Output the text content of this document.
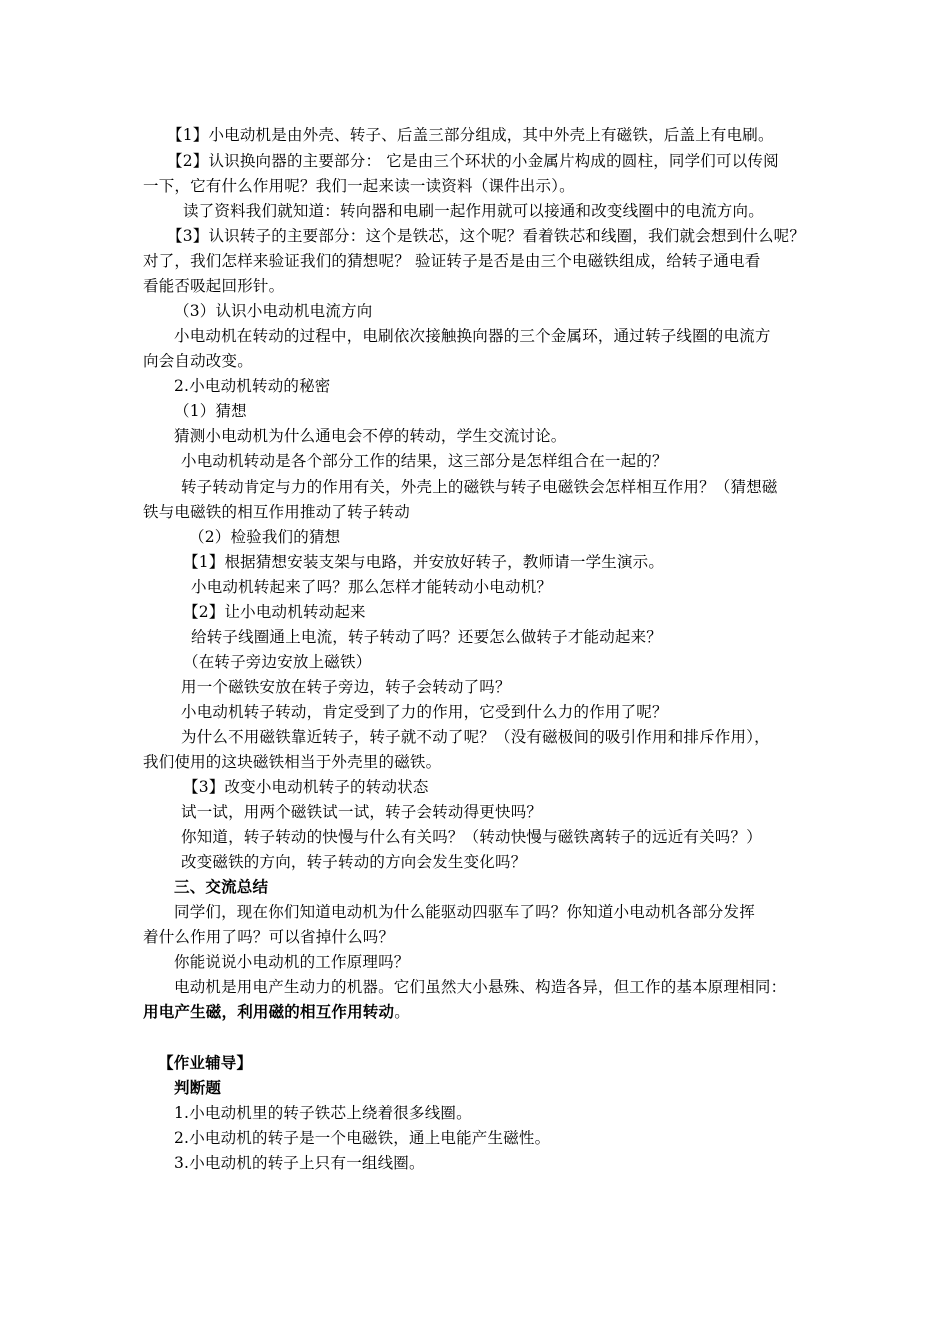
【1】小电动机是由外壳、转子、后盖三部分组成，其中外壳上有磁铁，后盖上有电刷。
【2】认识换向器的主要部分： 它是由三个环状的小金属片构成的圆柱，同学们可以传阅
一下，它有什么作用呢？我们一起来读一读资料（课件出示）。
读了资料我们就知道：转向器和电刷一起作用就可以接通和改变线圈中的电流方向。
【3】认识转子的主要部分：这个是铁芯，这个呢？看着铁芯和线圈，我们就会想到什么呢？
对了，我们怎样来验证我们的猜想呢？ 验证转子是否是由三个电磁铁组成，给转子通电看
看能否吸起回形针。
（3）认识小电动机电流方向
小电动机在转动的过程中，电刷依次接触换向器的三个金属环，通过转子线圈的电流方
向会自动改变。
2.小电动机转动的秘密
（1）猜想
猜测小电动机为什么通电会不停的转动，学生交流讨论。
小电动机转动是各个部分工作的结果，这三部分是怎样组合在一起的？
转子转动肯定与力的作用有关，外壳上的磁铁与转子电磁铁会怎样相互作用？（猜想磁
铁与电磁铁的相互作用推动了转子转动
（2）检验我们的猜想
【1】根据猜想安装支架与电路，并安放好转子，教师请一学生演示。
小电动机转起来了吗？那么怎样才能转动小电动机？
【2】让小电动机转动起来
给转子线圈通上电流，转子转动了吗？还要怎么做转子才能动起来？
（在转子旁边安放上磁铁）
用一个磁铁安放在转子旁边，转子会转动了吗？
小电动机转子转动，肯定受到了力的作用，它受到什么力的作用了呢？
为什么不用磁铁靠近转子，转子就不动了呢？（没有磁极间的吸引作用和排斥作用），
我们使用的这块磁铁相当于外壳里的磁铁。
【3】改变小电动机转子的转动状态
试一试，用两个磁铁试一试，转子会转动得更快吗？
你知道，转子转动的快慢与什么有关吗？（转动快慢与磁铁离转子的远近有关吗？）
改变磁铁的方向，转子转动的方向会发生变化吗？
三、交流总结
同学们，现在你们知道电动机为什么能驱动四驱车了吗？你知道小电动机各部分发挥
着什么作用了吗？可以省掉什么吗？
你能说说小电动机的工作原理吗？
电动机是用电产生动力的机器。它们虽然大小悬殊、构造各异，但工作的基本原理相同：
用电产生磁，利用磁的相互作用转动。
【作业辅导】
判断题
1.小电动机里的转子铁芯上绕着很多线圈。
2.小电动机的转子是一个电磁铁，通上电能产生磁性。
3.小电动机的转子上只有一组线圈。
